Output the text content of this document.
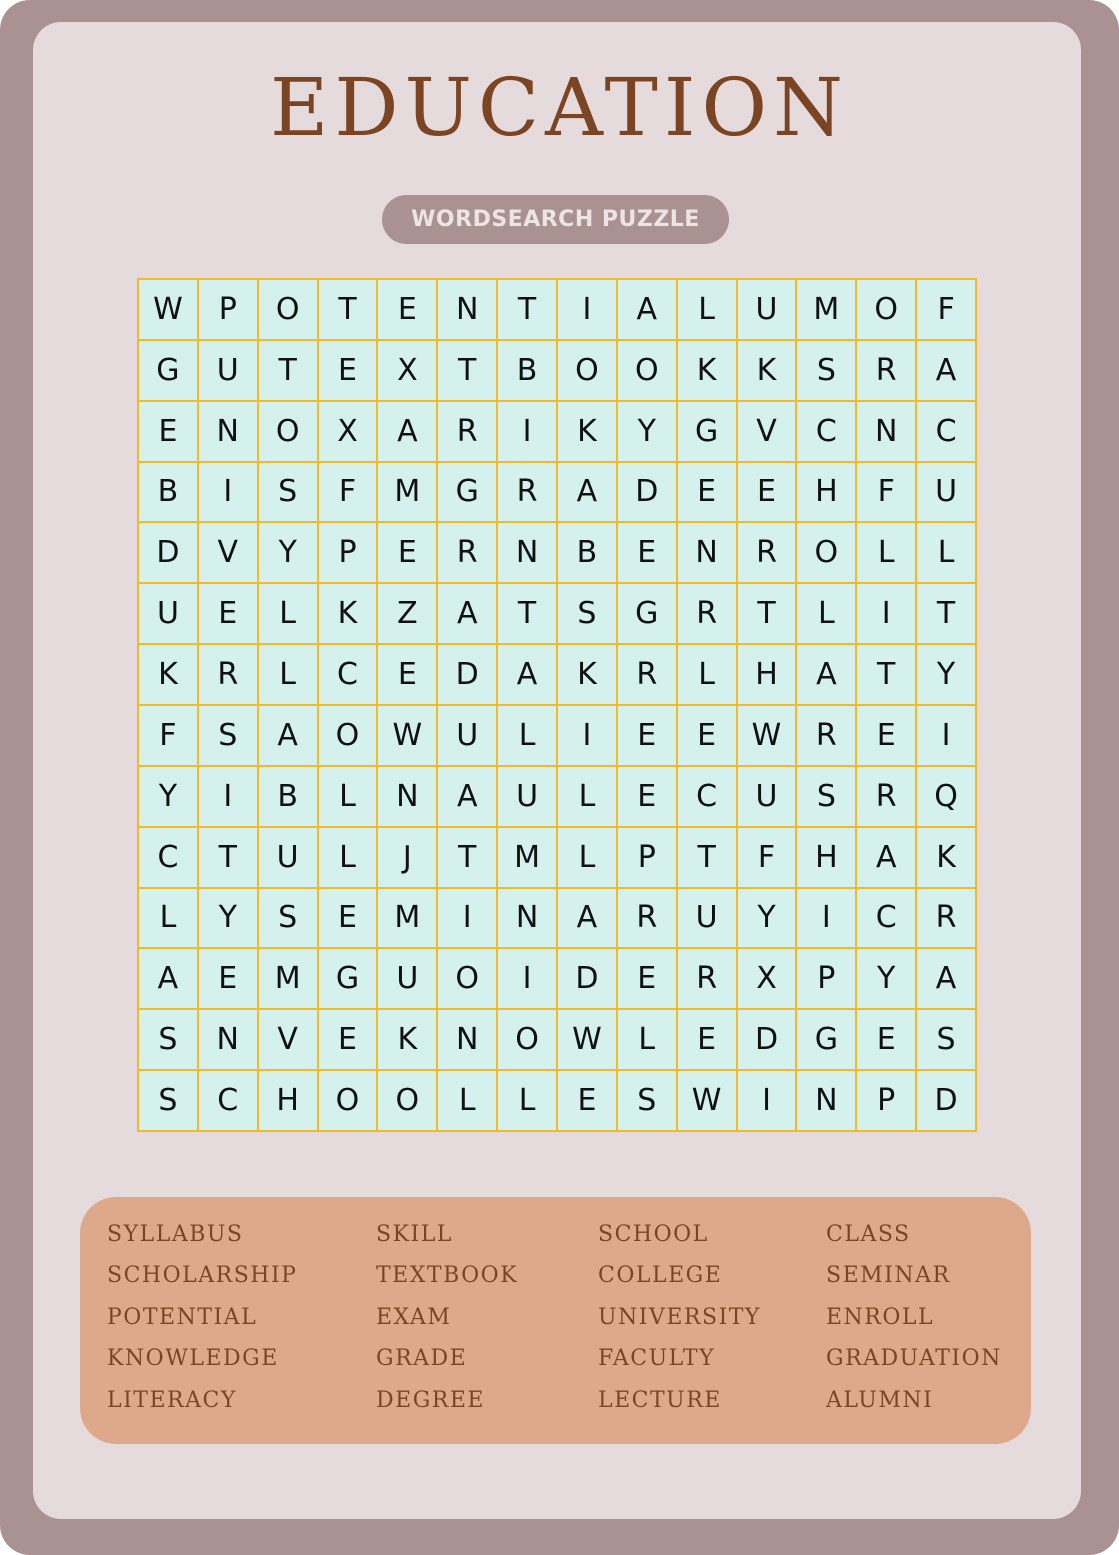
EDUCATION
WORDSEARCH PUZZLE
W	P	O	T	E	N	T	I	A	L	U	M	O	F
G	U	T	E	X	T	B	O	O	K	K	S	R	A
E	N	O	X	A	R	I	K	Y	G	V	C	N	C
B	I	S	F	M	G	R	A	D	E	E	H	F	U
D	V	Y	P	E	R	N	B	E	N	R	O	L	L
U	E	L	K	Z	A	T	S	G	R	T	L	I	T
K	R	L	C	E	D	A	K	R	L	H	A	T	Y
F	S	A	O	W	U	L	I	E	E	W	R	E	I
Y	I	B	L	N	A	U	L	E	C	U	S	R	Q
C	T	U	L	J	T	M	L	P	T	F	H	A	K
L	Y	S	E	M	I	N	A	R	U	Y	I	C	R
A	E	M	G	U	O	I	D	E	R	X	P	Y	A
S	N	V	E	K	N	O	W	L	E	D	G	E	S
S	C	H	O	O	L	L	E	S	W	I	N	P	D
SYLLABUS
SCHOLARSHIP
POTENTIAL
KNOWLEDGE
LITERACY
SKILL
TEXTBOOK
EXAM
GRADE
DEGREE
SCHOOL
COLLEGE
UNIVERSITY
FACULTY
LECTURE
CLASS
SEMINAR
ENROLL
GRADUATION
ALUMNI
